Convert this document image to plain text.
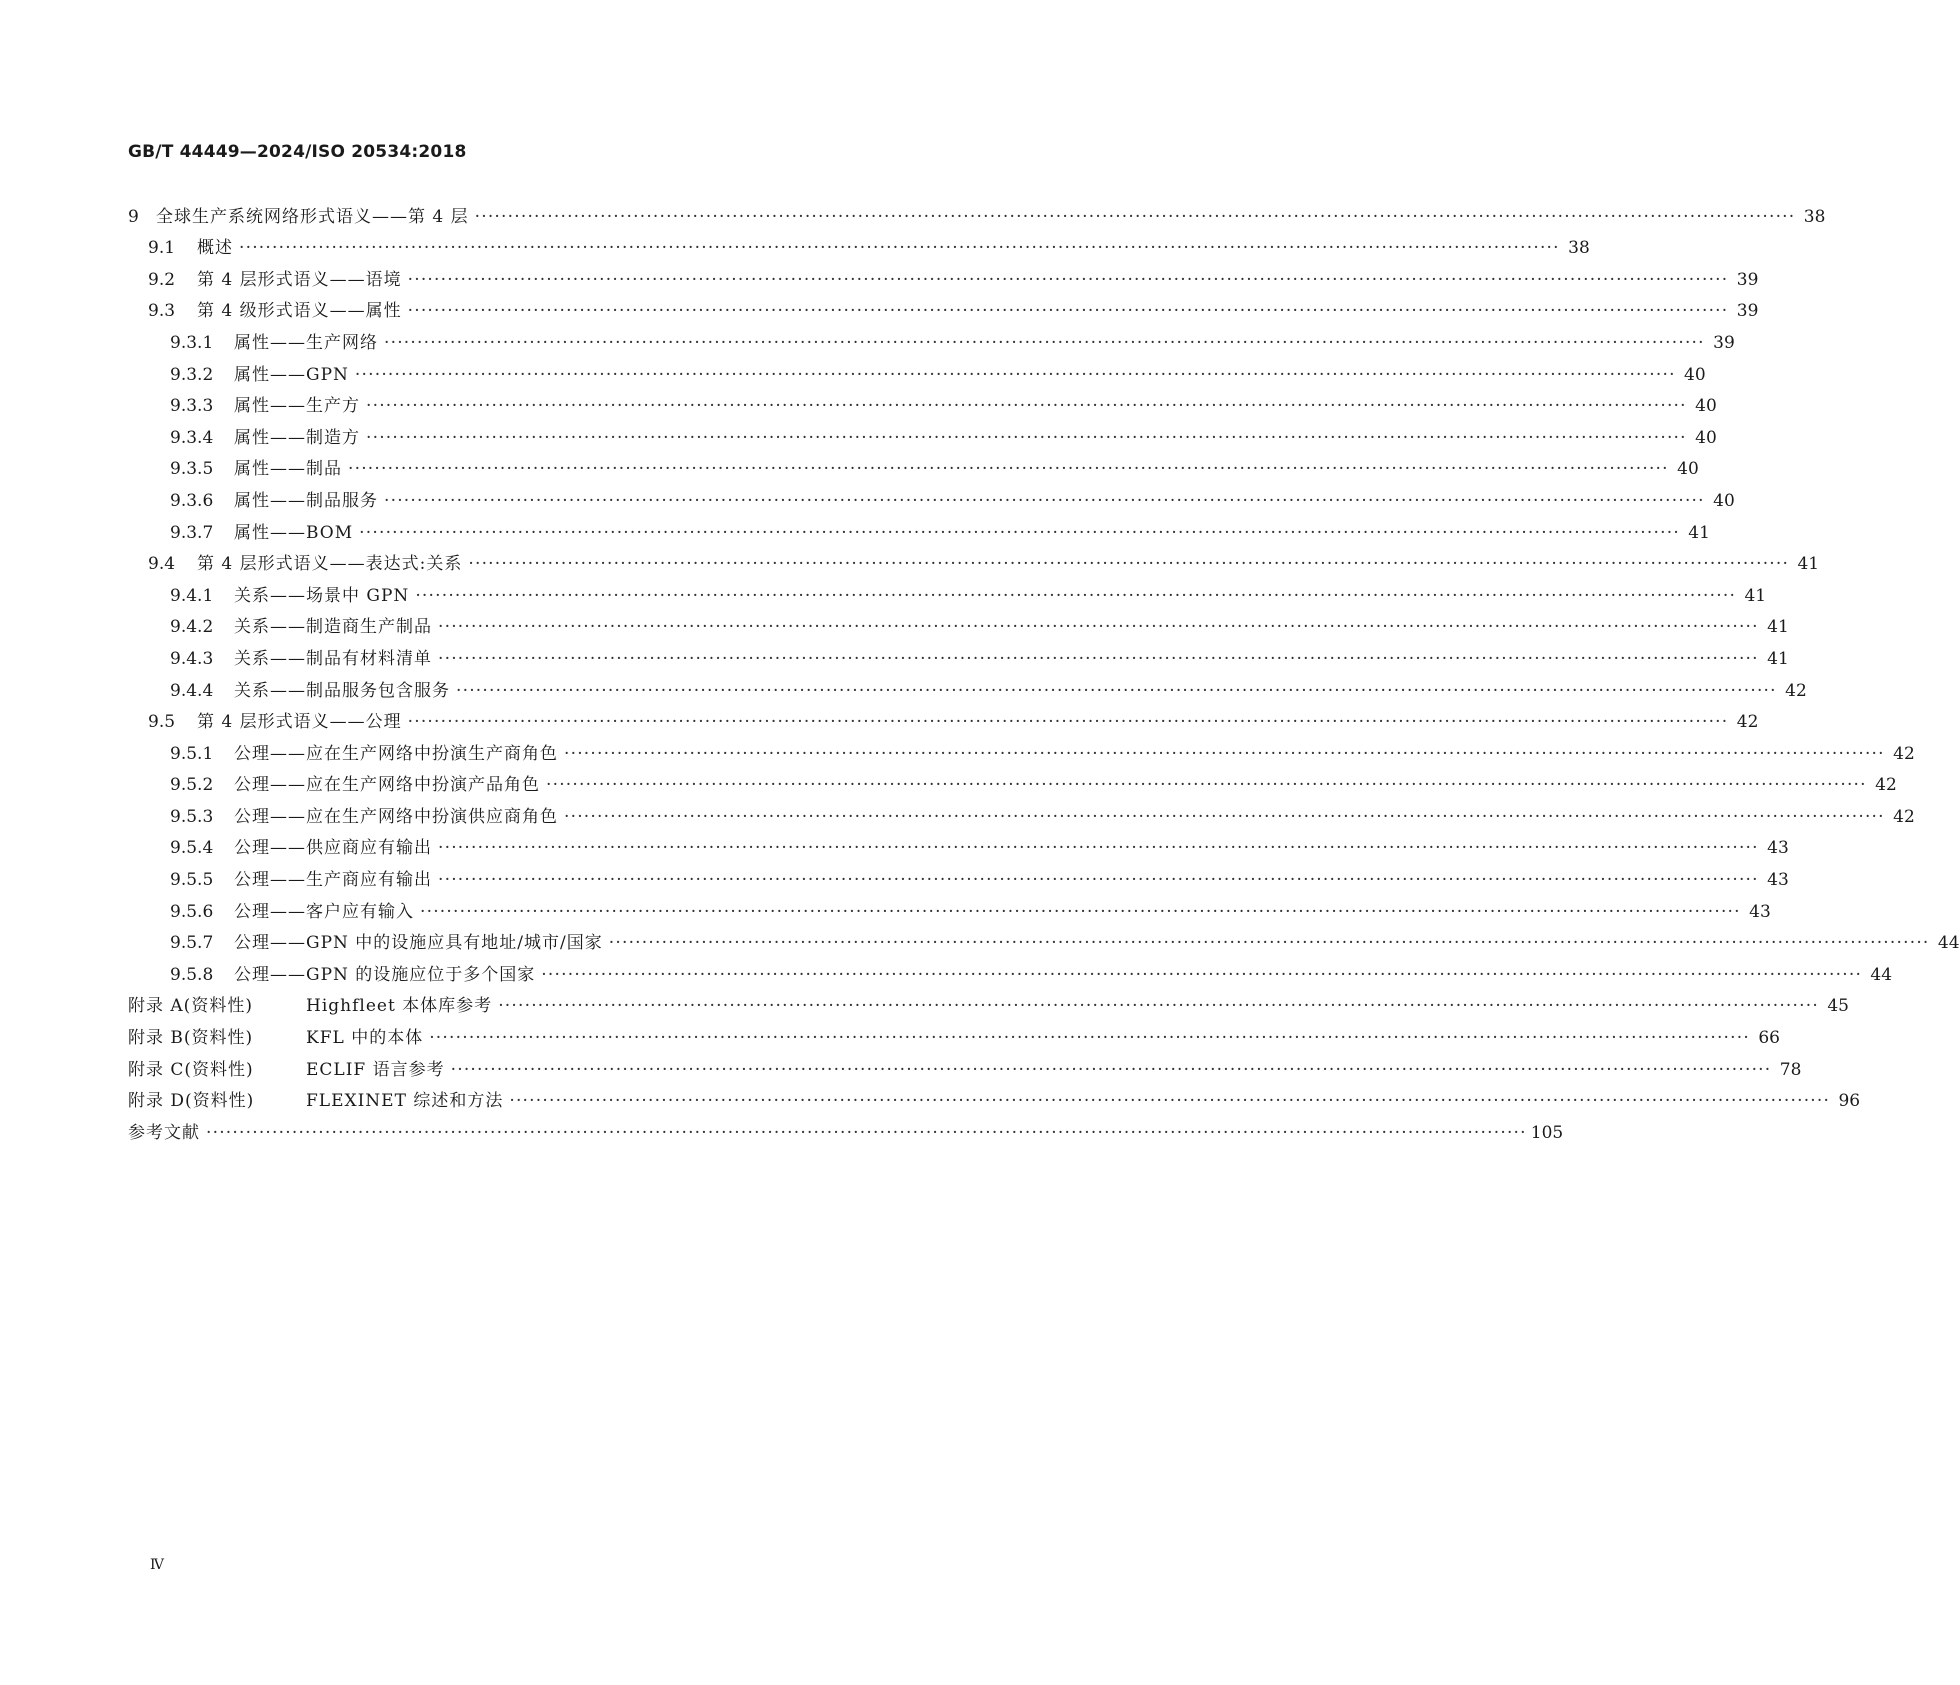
GB/T 44449—2024/ISO 20534:2018
9	全球生产系统网络形式语义——第 4 层 ········································································································································································································ 38
9.1	概述 ········································································································································································································ 38
9.2	第 4 层形式语义——语境 ········································································································································································································ 39
9.3	第 4 级形式语义——属性 ········································································································································································································ 39
9.3.1	属性——生产网络 ········································································································································································································ 39
9.3.2	属性——GPN ········································································································································································································ 40
9.3.3	属性——生产方 ········································································································································································································ 40
9.3.4	属性——制造方 ········································································································································································································ 40
9.3.5	属性——制品 ········································································································································································································ 40
9.3.6	属性——制品服务 ········································································································································································································ 40
9.3.7	属性——BOM ········································································································································································································ 41
9.4	第 4 层形式语义——表达式:关系 ········································································································································································································ 41
9.4.1	关系——场景中 GPN ········································································································································································································ 41
9.4.2	关系——制造商生产制品 ········································································································································································································ 41
9.4.3	关系——制品有材料清单 ········································································································································································································ 41
9.4.4	关系——制品服务包含服务 ········································································································································································································ 42
9.5	第 4 层形式语义——公理 ········································································································································································································ 42
9.5.1	公理——应在生产网络中扮演生产商角色 ········································································································································································································ 42
9.5.2	公理——应在生产网络中扮演产品角色 ········································································································································································································ 42
9.5.3	公理——应在生产网络中扮演供应商角色 ········································································································································································································ 42
9.5.4	公理——供应商应有输出 ········································································································································································································ 43
9.5.5	公理——生产商应有输出 ········································································································································································································ 43
9.5.6	公理——客户应有输入 ········································································································································································································ 43
9.5.7	公理——GPN 中的设施应具有地址/城市/国家 ········································································································································································································ 44
9.5.8	公理——GPN 的设施应位于多个国家 ········································································································································································································ 44
附录 A(资料性)	Highfleet 本体库参考 ········································································································································································································ 45
附录 B(资料性)	KFL 中的本体 ········································································································································································································ 66
附录 C(资料性)	ECLIF 语言参考 ········································································································································································································ 78
附录 D(资料性)	FLEXINET 综述和方法 ········································································································································································································ 96
参考文献 ········································································································································································································ 105
Ⅳ
